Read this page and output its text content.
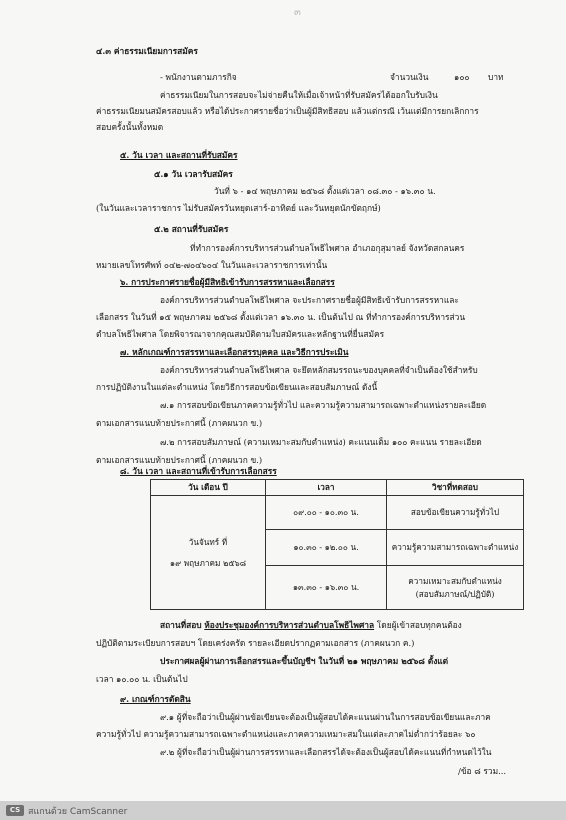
๓
๔.๓ ค่าธรรมเนียมการสมัคร
- พนักงานตามภารกิจ	จำนวนเงิน	๑๐๐ บาท
ค่าธรรมเนียมในการสอบจะไม่จ่ายคืนให้เมื่อเจ้าหน้าที่รับสมัครได้ออกใบรับเงิน
ค่าธรรมเนียมนสมัครสอบแล้ว หรือได้ประกาศรายชื่อว่าเป็นผู้มีสิทธิสอบ แล้วแต่กรณี เว้นแต่มีการยกเลิกการ
สอบครั้งนั้นทั้งหมด
๕. วัน เวลา และสถานที่รับสมัคร
๕.๑ วัน เวลารับสมัคร
วันที่ ๖ - ๑๔ พฤษภาคม ๒๕๖๘ ตั้งแต่เวลา ๐๘.๓๐ - ๑๖.๓๐ น.
(ในวันและเวลาราชการ ไม่รับสมัครวันหยุดเสาร์-อาทิตย์ และวันหยุดนักขัตฤกษ์)
๕.๒ สถานที่รับสมัคร
ที่ทำการองค์การบริหารส่วนตำบลโพธิไพศาล อำเภอกุสุมาลย์ จังหวัดสกลนคร
หมายเลขโทรศัพท์ ๐๔๒-๗๐๔๖๐๔ ในวันและเวลาราชการเท่านั้น
๖. การประกาศรายชื่อผู้มีสิทธิเข้ารับการสรรหาและเลือกสรร
องค์การบริหารส่วนตำบลโพธิไพศาล จะประกาศรายชื่อผู้มีสิทธิเข้ารับการสรรหาและ
เลือกสรร ในวันที่ ๑๕ พฤษภาคม ๒๕๖๘ ตั้งแต่เวลา ๑๖.๓๐ น. เป็นต้นไป ณ ที่ทำการองค์การบริหารส่วน
ตำบลโพธิไพศาล โดยพิจารณาจากคุณสมบัติตามใบสมัครและหลักฐานที่ยื่นสมัคร
๗. หลักเกณฑ์การสรรหาและเลือกสรรบุคคล และวิธีการประเมิน
องค์การบริหารส่วนตำบลโพธิไพศาล จะยึดหลักสมรรถนะของบุคคลที่จำเป็นต้องใช้สำหรับ
การปฏิบัติงานในแต่ละตำแหน่ง โดยวิธีการสอบข้อเขียนและสอบสัมภาษณ์ ดังนี้
๗.๑ การสอบข้อเขียนภาคความรู้ทั่วไป และความรู้ความสามารถเฉพาะตำแหน่งรายละเอียด
ตามเอกสารแนบท้ายประกาศนี้ (ภาคผนวก ข.)
๗.๒ การสอบสัมภาษณ์ (ความเหมาะสมกับตำแหน่ง) คะแนนเต็ม ๑๐๐ คะแนน รายละเอียด
ตามเอกสารแนบท้ายประกาศนี้ (ภาคผนวก ข.)
๘. วัน เวลา และสถานที่เข้ารับการเลือกสรร
วัน เดือน ปี	เวลา	วิชาที่ทดสอบ

วันจันทร์ ที่
๑๙ พฤษภาคม ๒๕๖๘	๐๙.๐๐ - ๑๐.๓๐ น.	สอบข้อเขียนความรู้ทั่วไป
	๑๐.๓๐ - ๑๒.๐๐ น.	ความรู้ความสามารถเฉพาะตำแหน่ง
	๑๓.๓๐ - ๑๖.๓๐ น.	ความเหมาะสมกับตำแหน่ง
(สอบสัมภาษณ์/ปฏิบัติ)
สถานที่สอบ ห้องประชุมองค์การบริหารส่วนตำบลโพธิไพศาล โดยผู้เข้าสอบทุกคนต้อง
ปฏิบัติตามระเบียบการสอบฯ โดยเคร่งครัด รายละเอียดปรากฏตามเอกสาร (ภาคผนวก ค.)
ประกาศผลผู้ผ่านการเลือกสรรและขึ้นบัญชีฯ ในวันที่ ๒๑ พฤษภาคม ๒๕๖๘ ตั้งแต่
เวลา ๑๐.๐๐ น. เป็นต้นไป
๙. เกณฑ์การตัดสิน
๙.๑ ผู้ที่จะถือว่าเป็นผู้ผ่านข้อเขียนจะต้องเป็นผู้สอบได้คะแนนผ่านในการสอบข้อเขียนและภาค
ความรู้ทั่วไป ความรู้ความสามารถเฉพาะตำแหน่งและภาคความเหมาะสมในแต่ละภาคไม่ต่ำกว่าร้อยละ ๖๐
๙.๒ ผู้ที่จะถือว่าเป็นผู้ผ่านการสรรหาและเลือกสรรได้จะต้องเป็นผู้สอบได้คะแนนที่กำหนดไว้ใน
/ข้อ ๘ รวม...
CS สแกนด้วย CamScanner
